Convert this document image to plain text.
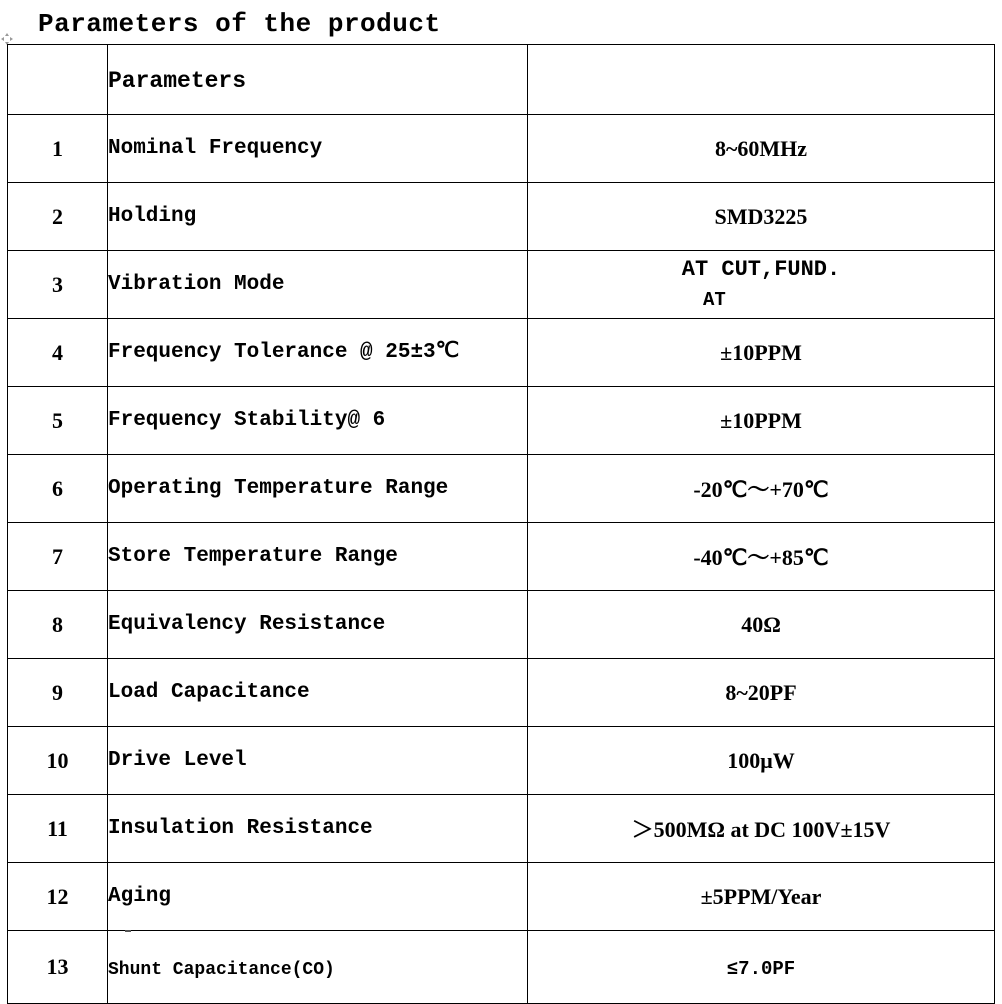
Parameters of the product
	Parameters	
1	Nominal Frequency	8~60MHz
2	Holding	SMD3225
3	Vibration Mode	AT CUT,FUND.
AT

4	Frequency Tolerance @ 25±3℃	±10PPM
5	Frequency Stability@ 6	±10PPM
6	Operating Temperature Range	-20℃～+70℃
7	Store Temperature Range	-40℃～+85℃
8	Equivalency Resistance	40Ω
9	Load Capacitance	8~20PF
10	Drive Level	100μW
11	Insulation Resistance	＞500MΩ at DC 100V±15V
12	Aging	±5PPM/Year
13	Shunt Capacitance(CO)	≤7.0PF
